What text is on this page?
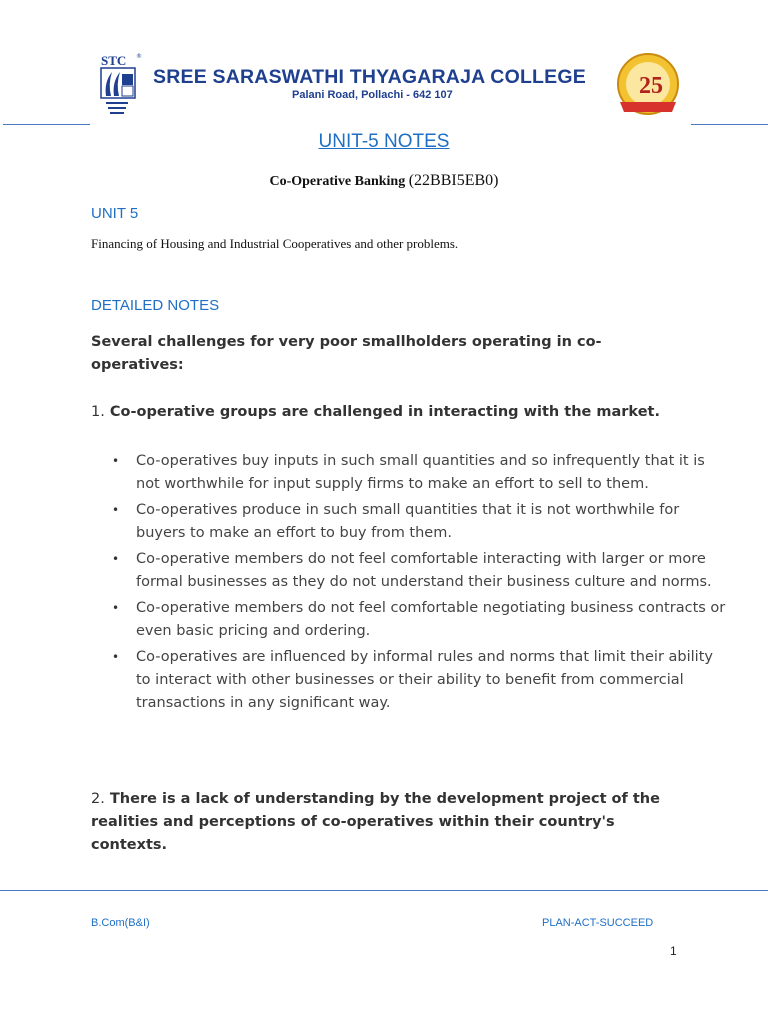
STC ®
SREE SARASWATHI THYAGARAJA COLLEGE
Palani Road, Pollachi - 642 107	25
UNIT-5 NOTES
Co-Operative Banking (22BBI5EB0)
UNIT 5
Financing of Housing and Industrial Cooperatives and other problems.
DETAILED NOTES
Several challenges for very poor smallholders operating in co-operatives:
1. Co-operative groups are challenged in interacting with the market.
• Co-operatives buy inputs in such small quantities and so infrequently that it is not worthwhile for input supply firms to make an effort to sell to them.
• Co-operatives produce in such small quantities that it is not worthwhile for buyers to make an effort to buy from them.
• Co-operative members do not feel comfortable interacting with larger or more formal businesses as they do not understand their business culture and norms.
• Co-operative members do not feel comfortable negotiating business contracts or even basic pricing and ordering.
• Co-operatives are influenced by informal rules and norms that limit their ability to interact with other businesses or their ability to benefit from commercial transactions in any significant way.
2. There is a lack of understanding by the development project of the realities and perceptions of co-operatives within their country's contexts.
B.Com(B&I)	PLAN-ACT-SUCCEED
1
